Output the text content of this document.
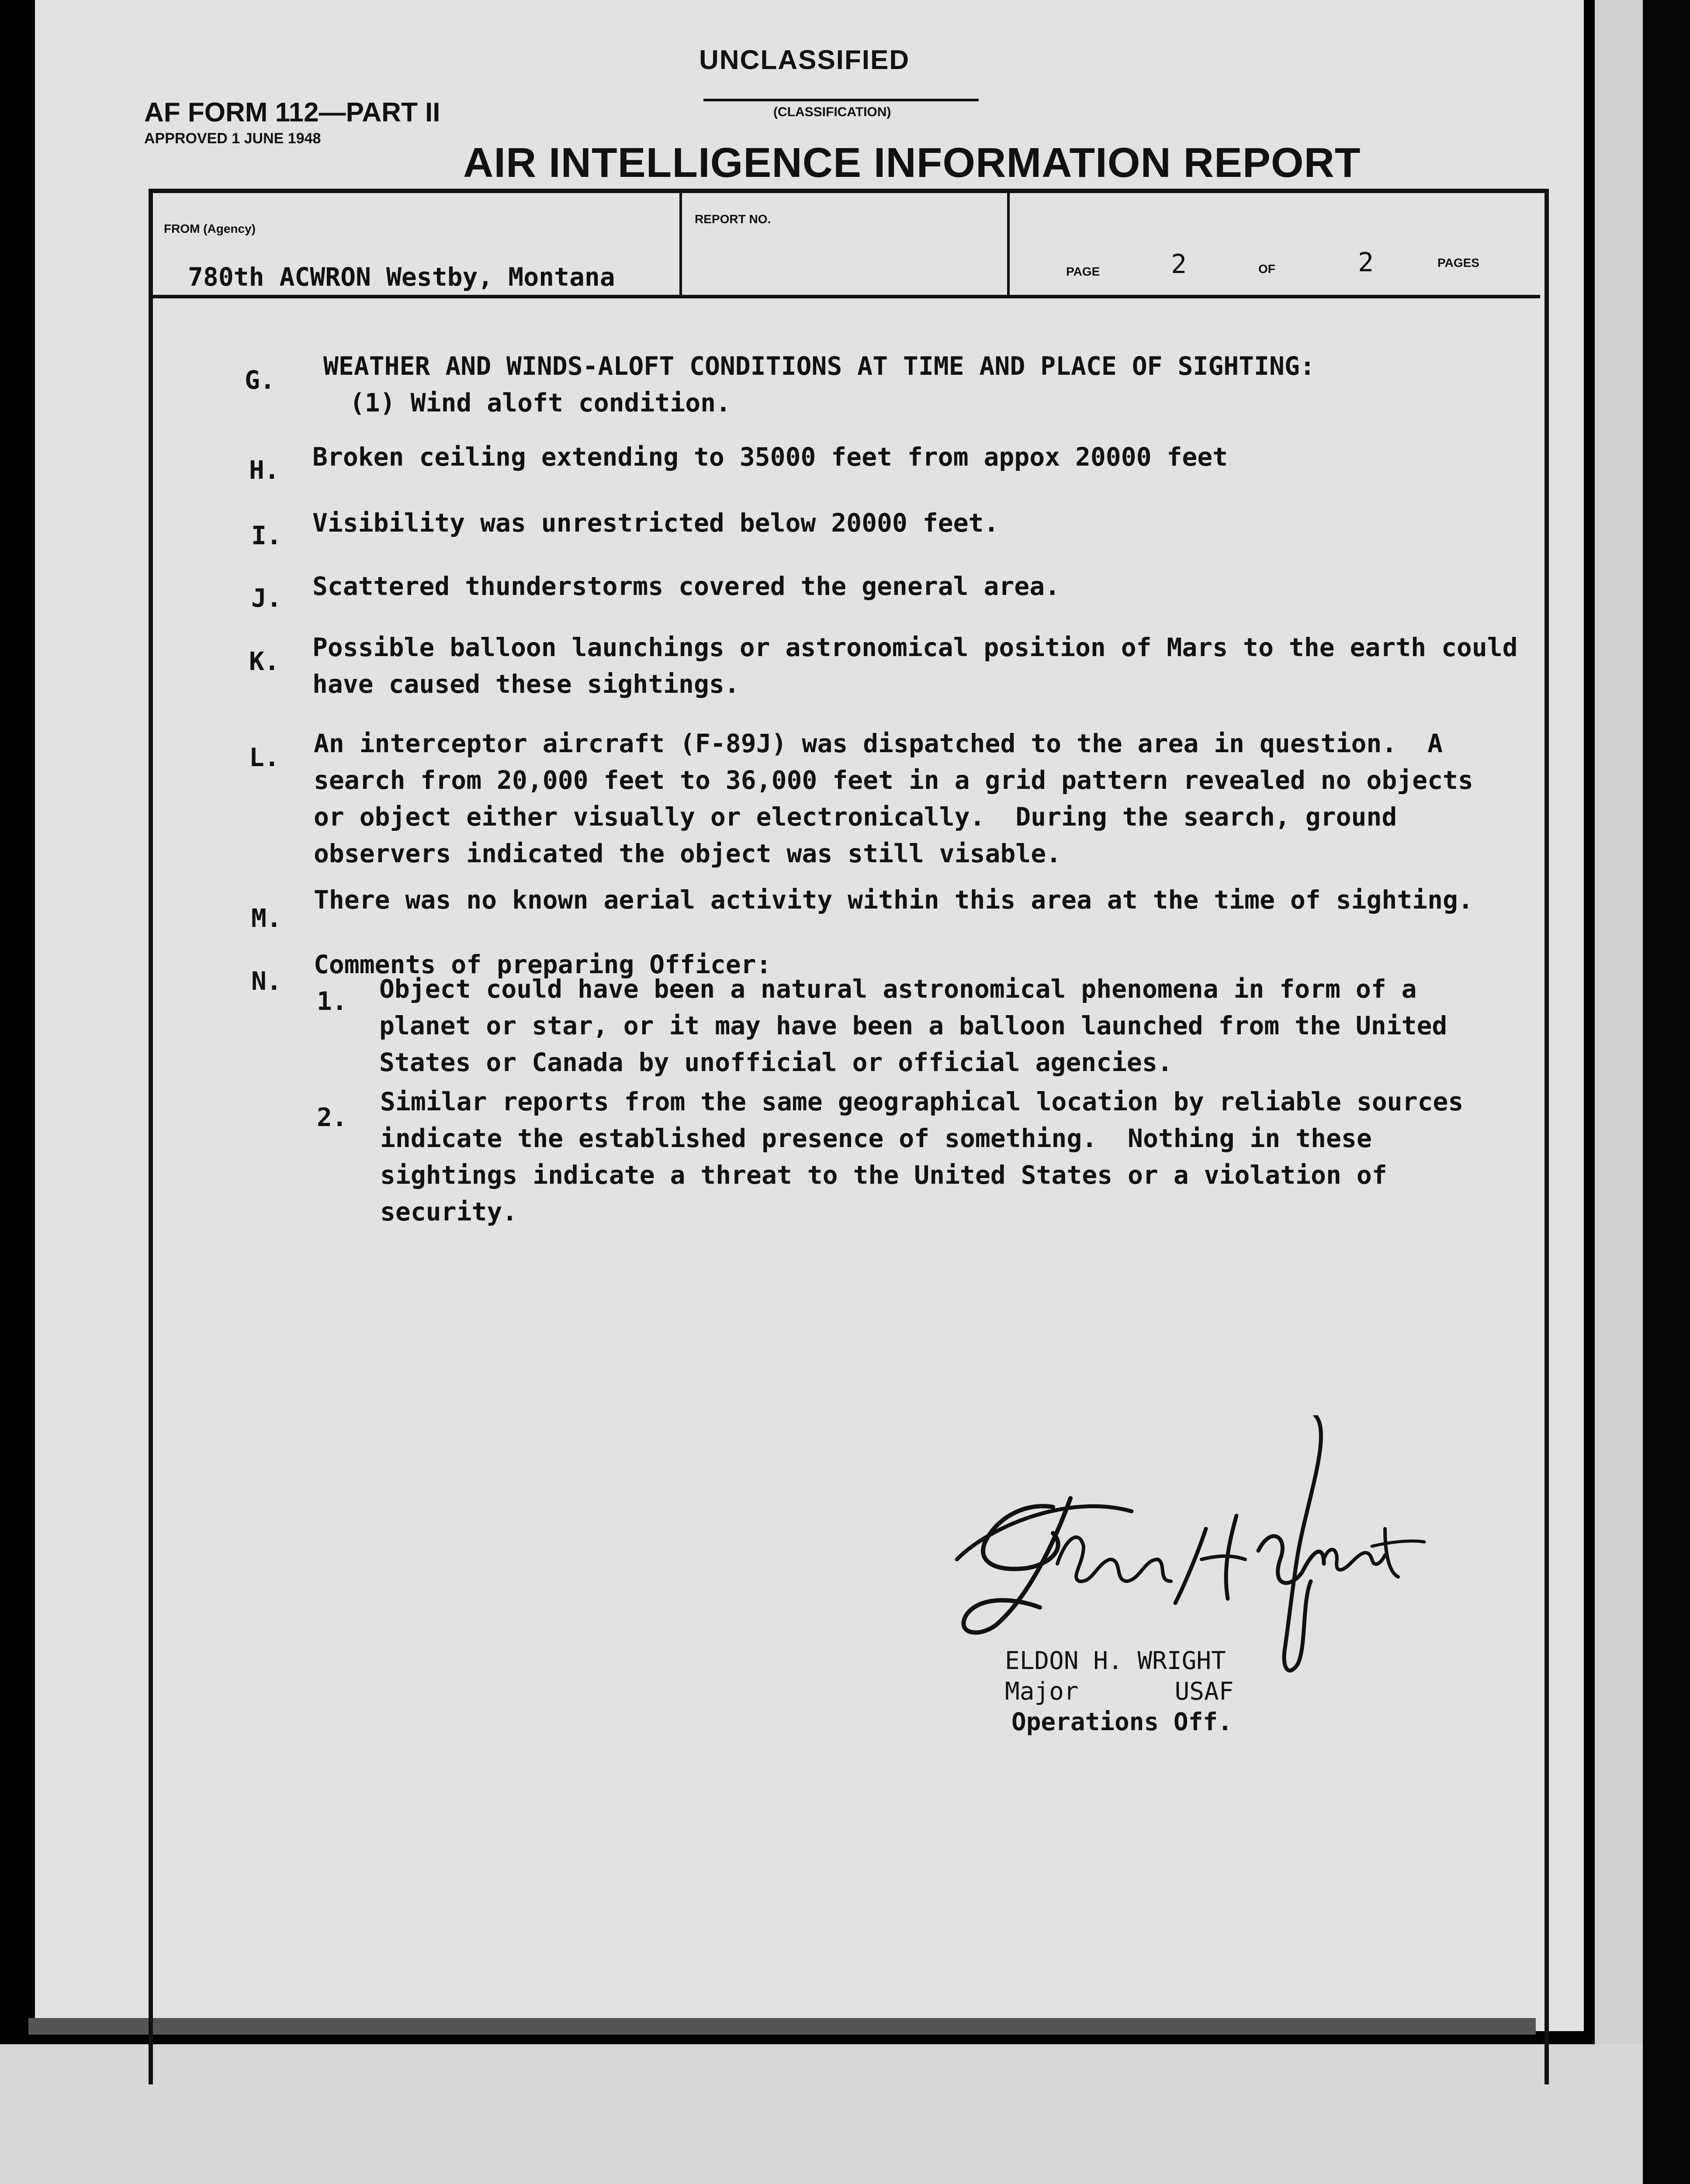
AF FORM 112—PART II
APPROVED 1 JUNE 1948
UNCLASSIFIED
(CLASSIFICATION)
AIR INTELLIGENCE INFORMATION REPORT
FROM (Agency)
780th ACWRON Westby, Montana
REPORT NO.
PAGE	2	OF	2	PAGES
G. WEATHER AND WINDS-ALOFT CONDITIONS AT TIME AND PLACE OF SIGHTING:
(1) Wind aloft condition.
H. Broken ceiling extending to 35000 feet from appox 20000 feet
I. Visibility was unrestricted below 20000 feet.
J. Scattered thunderstorms covered the general area.
K. Possible balloon launchings or astronomical position of Mars to the earth could
have caused these sightings.
L. An interceptor aircraft (F-89J) was dispatched to the area in question.  A
search from 20,000 feet to 36,000 feet in a grid pattern revealed no objects
or object either visually or electronically.  During the search, ground
observers indicated the object was still visable.
M.
There was no known aerial activity within this area at the time of sighting.
N.
Comments of preparing Officer:
1. Object could have been a natural astronomical phenomena in form of a
planet or star, or it may have been a balloon launched from the United
States or Canada by unofficial or official agencies.
2.
Similar reports from the same geographical location by reliable sources
indicate the established presence of something.  Nothing in these
sightings indicate a threat to the United States or a violation of
security.
ELDON H. WRIGHT
Major	USAF
Operations Off.
